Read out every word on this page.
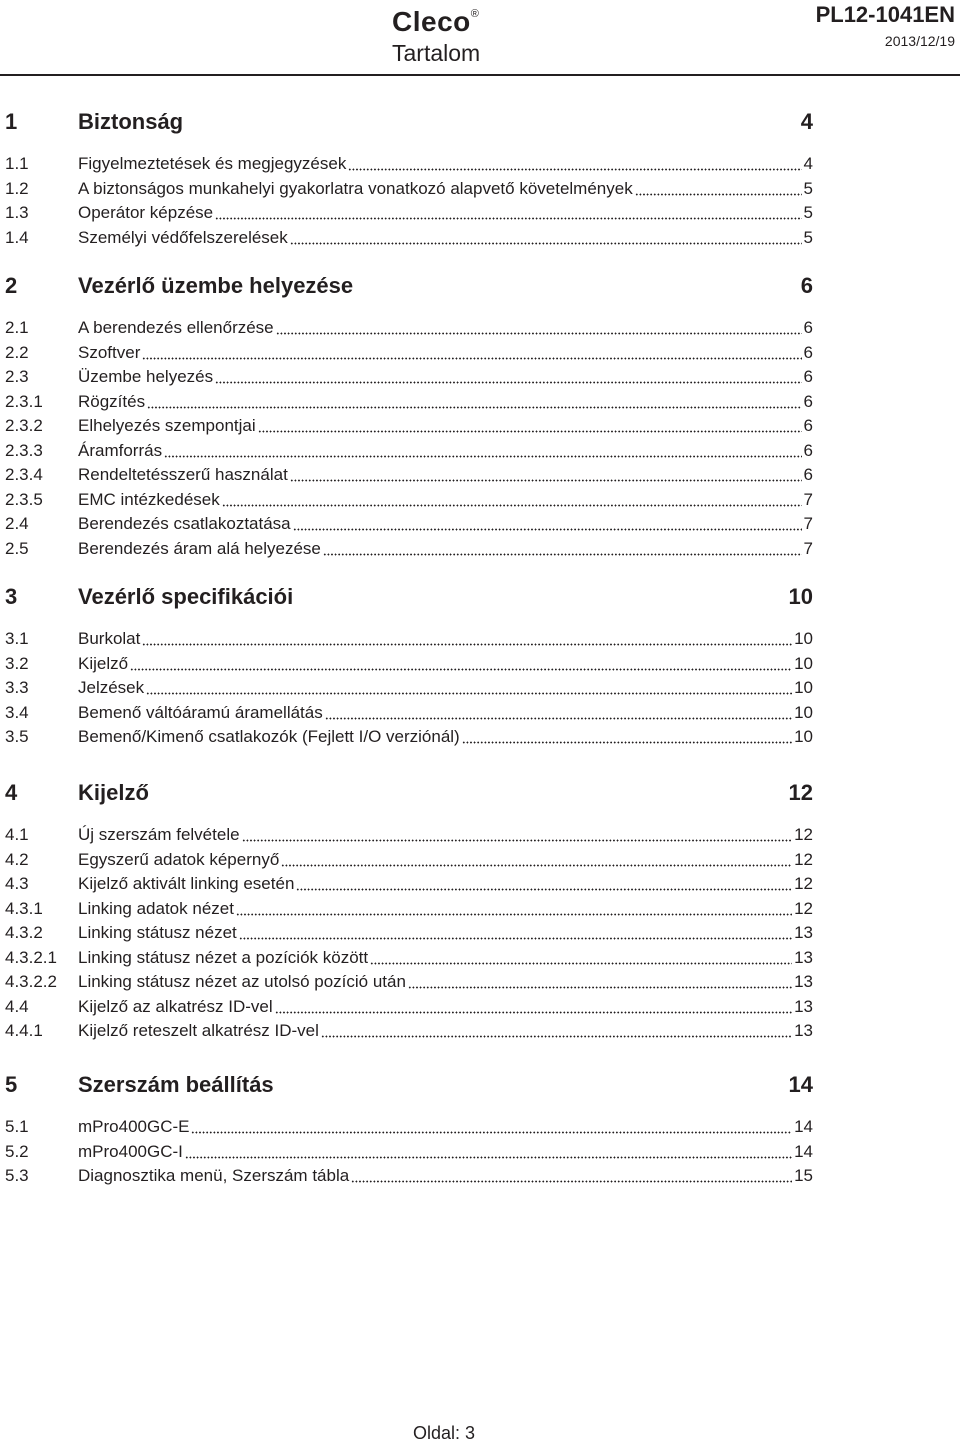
Cleco®
Tartalom
PL12-1041EN
2013/12/19
1	Biztonság	4
1.1	Figyelmeztetések és megjegyzések	4
1.2	A biztonságos munkahelyi gyakorlatra vonatkozó alapvető követelmények	5
1.3	Operátor képzése	5
1.4	Személyi védőfelszerelések	5
2	Vezérlő üzembe helyezése	6
2.1	A berendezés ellenőrzése	6
2.2	Szoftver	6
2.3	Üzembe helyezés	6
2.3.1	Rögzítés	6
2.3.2	Elhelyezés szempontjai	6
2.3.3	Áramforrás	6
2.3.4	Rendeltetésszerű használat	6
2.3.5	EMC intézkedések	7
2.4	Berendezés csatlakoztatása	7
2.5	Berendezés áram alá helyezése	7
3	Vezérlő specifikációi	10
3.1	Burkolat	10
3.2	Kijelző	10
3.3	Jelzések	10
3.4	Bemenő váltóáramú áramellátás	10
3.5	Bemenő/Kimenő csatlakozók (Fejlett I/O verziónál)	10
4	Kijelző	12
4.1	Új szerszám felvétele	12
4.2	Egyszerű adatok képernyő	12
4.3	Kijelző aktivált linking esetén	12
4.3.1	Linking adatok nézet	12
4.3.2	Linking státusz nézet	13
4.3.2.1	Linking státusz nézet a pozíciók között	13
4.3.2.2	Linking státusz nézet az utolsó pozíció után	13
4.4	Kijelző az alkatrész ID-vel	13
4.4.1	Kijelző reteszelt alkatrész ID-vel	13
5	Szerszám beállítás	14
5.1	mPro400GC-E	14
5.2	mPro400GC-I	14
5.3	Diagnosztika menü, Szerszám tábla	15
Oldal: 3
